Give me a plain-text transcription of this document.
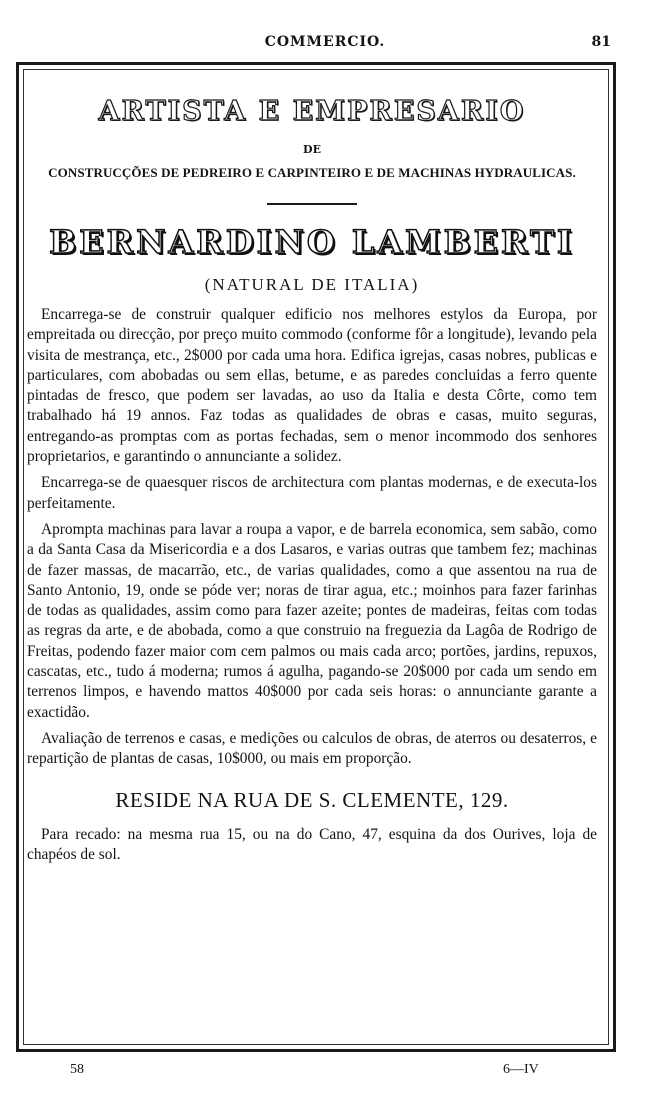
COMMERCIO.	81
ARTISTA E EMPRESARIO
DE
CONSTRUCÇÕES DE PEDREIRO E CARPINTEIRO E DE MACHINAS HYDRAULICAS.
BERNARDINO LAMBERTI
(NATURAL DE ITALIA)

Encarrega-se de construir qualquer edificio nos melhores estylos da Europa, por empreitada ou direcção, por preço muito commodo (conforme fôr a longitude), levando pela visita de mestrança, etc., 2$000 por cada uma hora. Edifica igrejas, casas nobres, publicas e particulares, com abobadas ou sem ellas, betume, e as paredes concluidas a ferro quente pintadas de fresco, que podem ser lavadas, ao uso da Italia e desta Côrte, como tem trabalhado há 19 annos. Faz todas as qualidades de obras e casas, muito seguras, entregando-as promptas com as portas fechadas, sem o menor incommodo dos senhores proprietarios, e garantindo o annunciante a solidez.

Encarrega-se de quaesquer riscos de architectura com plantas modernas, e de executa-los perfeitamente.

Aprompta machinas para lavar a roupa a vapor, e de barrela economica, sem sabão, como a da Santa Casa da Misericordia e a dos Lasaros, e varias outras que tambem fez; machinas de fazer massas, de macarrão, etc., de varias qualidades, como a que assentou na rua de Santo Antonio, 19, onde se póde ver; noras de tirar agua, etc.; moinhos para fazer farinhas de todas as qualidades, assim como para fazer azeite; pontes de madeiras, feitas com todas as regras da arte, e de abobada, como a que construio na freguezia da Lagôa de Rodrigo de Freitas, podendo fazer maior com cem palmos ou mais cada arco; portões, jardins, repuxos, cascatas, etc., tudo á moderna; rumos á agulha, pagando-se 20$000 por cada um sendo em terrenos limpos, e havendo mattos 40$000 por cada seis horas: o annunciante garante a exactidão.

Avaliação de terrenos e casas, e medições ou calculos de obras, de aterros ou desaterros, e repartição de plantas de casas, 10$000, ou mais em proporção.

RESIDE NA RUA DE S. CLEMENTE, 129.

Para recado: na mesma rua 15, ou na do Cano, 47, esquina da dos Ourives, loja de chapéos de sol.

58	6—IV
